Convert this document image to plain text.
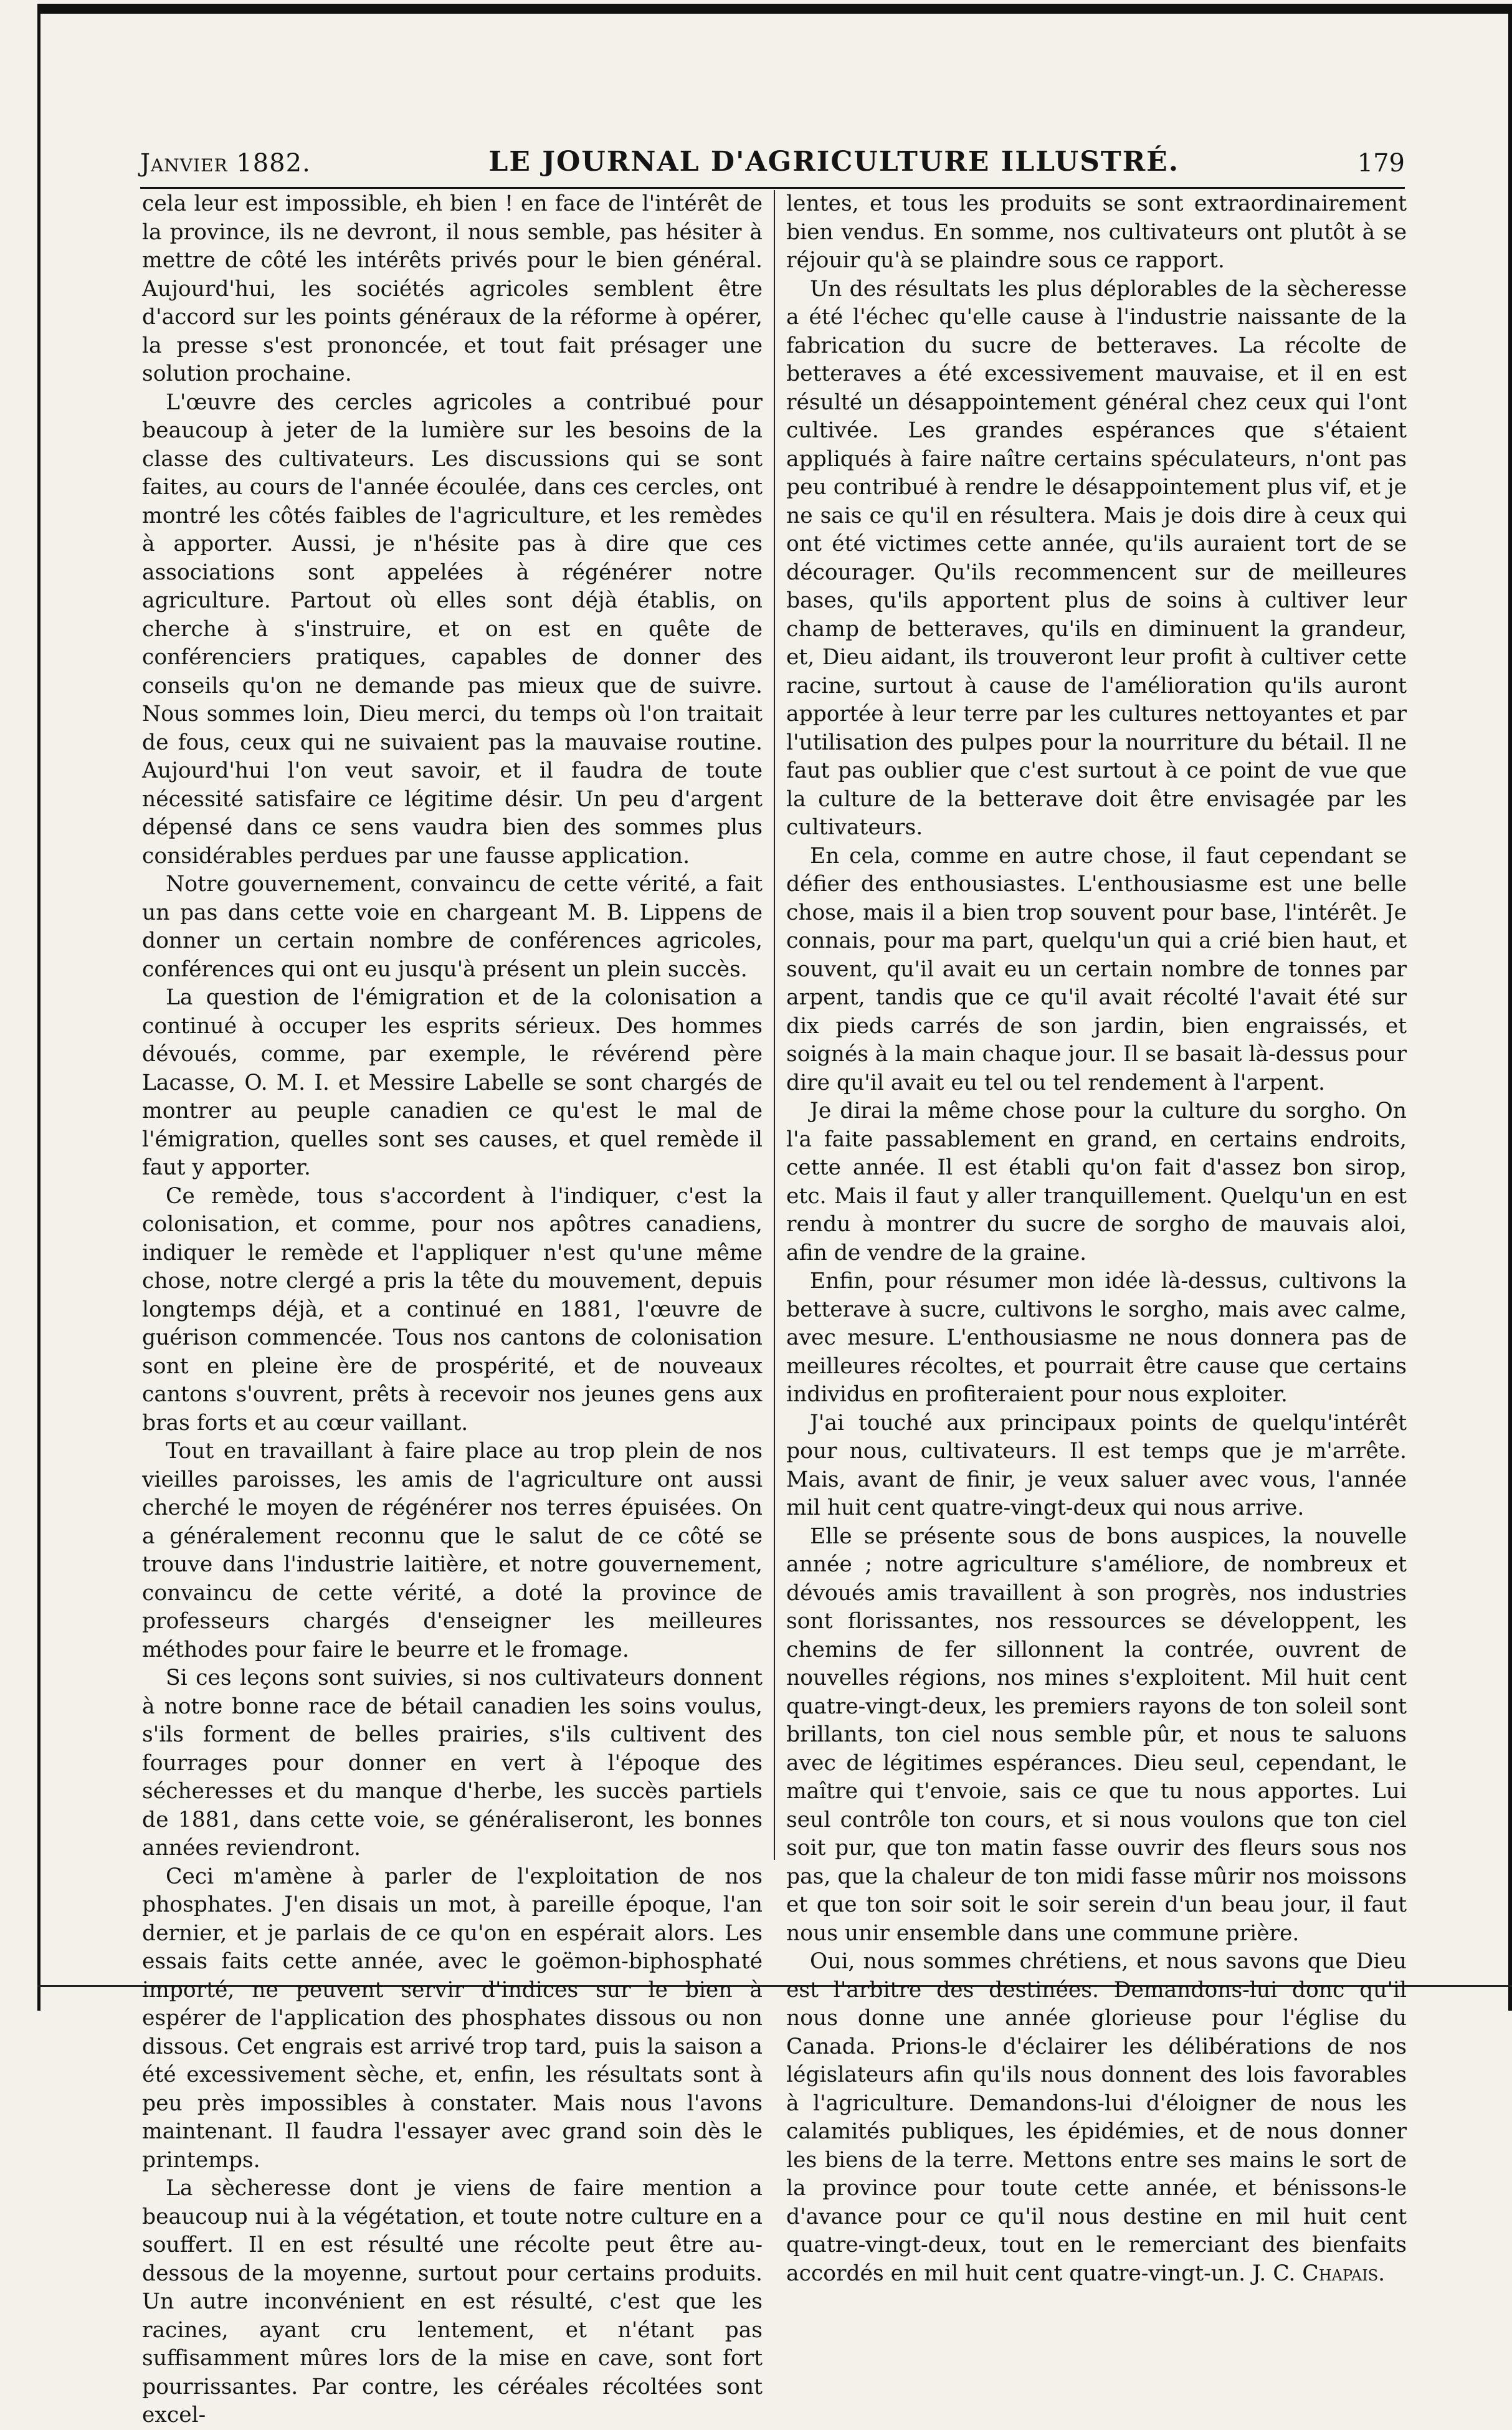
Janvier 1882.	LE JOURNAL D'AGRICULTURE ILLUSTRÉ.	179

cela leur est impossible, eh bien ! en face de l'intérêt de la province, ils ne devront, il nous semble, pas hésiter à mettre de côté les intérêts privés pour le bien général. Aujourd'hui, les sociétés agricoles semblent être d'accord sur les points généraux de la réforme à opérer, la presse s'est prononcée, et tout fait présager une solution prochaine.

L'œuvre des cercles agricoles a contribué pour beaucoup à jeter de la lumière sur les besoins de la classe des cultivateurs. Les discussions qui se sont faites, au cours de l'année écoulée, dans ces cercles, ont montré les côtés faibles de l'agriculture, et les remèdes à apporter. Aussi, je n'hésite pas à dire que ces associations sont appelées à régénérer notre agriculture. Partout où elles sont déjà établis, on cherche à s'instruire, et on est en quête de conférenciers pratiques, capables de donner des conseils qu'on ne demande pas mieux que de suivre. Nous sommes loin, Dieu merci, du temps où l'on traitait de fous, ceux qui ne suivaient pas la mauvaise routine. Aujourd'hui l'on veut savoir, et il faudra de toute nécessité satisfaire ce légitime désir. Un peu d'argent dépensé dans ce sens vaudra bien des sommes plus considérables perdues par une fausse application.

Notre gouvernement, convaincu de cette vérité, a fait un pas dans cette voie en chargeant M. B. Lippens de donner un certain nombre de conférences agricoles, conférences qui ont eu jusqu'à présent un plein succès.

La question de l'émigration et de la colonisation a continué à occuper les esprits sérieux. Des hommes dévoués, comme, par exemple, le révérend père Lacasse, O. M. I. et Messire Labelle se sont chargés de montrer au peuple canadien ce qu'est le mal de l'émigration, quelles sont ses causes, et quel remède il faut y apporter.

Ce remède, tous s'accordent à l'indiquer, c'est la colonisation, et comme, pour nos apôtres canadiens, indiquer le remède et l'appliquer n'est qu'une même chose, notre clergé a pris la tête du mouvement, depuis longtemps déjà, et a continué en 1881, l'œuvre de guérison commencée. Tous nos cantons de colonisation sont en pleine ère de prospérité, et de nouveaux cantons s'ouvrent, prêts à recevoir nos jeunes gens aux bras forts et au cœur vaillant.

Tout en travaillant à faire place au trop plein de nos vieilles paroisses, les amis de l'agriculture ont aussi cherché le moyen de régénérer nos terres épuisées. On a généralement reconnu que le salut de ce côté se trouve dans l'industrie laitière, et notre gouvernement, convaincu de cette vérité, a doté la province de professeurs chargés d'enseigner les meilleures méthodes pour faire le beurre et le fromage.

Si ces leçons sont suivies, si nos cultivateurs donnent à notre bonne race de bétail canadien les soins voulus, s'ils forment de belles prairies, s'ils cultivent des fourrages pour donner en vert à l'époque des sécheresses et du manque d'herbe, les succès partiels de 1881, dans cette voie, se généraliseront, les bonnes années reviendront.

Ceci m'amène à parler de l'exploitation de nos phosphates. J'en disais un mot, à pareille époque, l'an dernier, et je parlais de ce qu'on en espérait alors. Les essais faits cette année, avec le goëmon-biphosphaté importé, ne peuvent servir d'indices sur le bien à espérer de l'application des phosphates dissous ou non dissous. Cet engrais est arrivé trop tard, puis la saison a été excessivement sèche, et, enfin, les résultats sont à peu près impossibles à constater. Mais nous l'avons maintenant. Il faudra l'essayer avec grand soin dès le printemps.

La sècheresse dont je viens de faire mention a beaucoup nui à la végétation, et toute notre culture en a souffert. Il en est résulté une récolte peut être au-dessous de la moyenne, surtout pour certains produits. Un autre inconvénient en est résulté, c'est que les racines, ayant cru lentement, et n'étant pas suffisamment mûres lors de la mise en cave, sont fort pourrissantes. Par contre, les céréales récoltées sont excel-

lentes, et tous les produits se sont extraordinairement bien vendus. En somme, nos cultivateurs ont plutôt à se réjouir qu'à se plaindre sous ce rapport.

Un des résultats les plus déplorables de la sècheresse a été l'échec qu'elle cause à l'industrie naissante de la fabrication du sucre de betteraves. La récolte de betteraves a été excessivement mauvaise, et il en est résulté un désappointement général chez ceux qui l'ont cultivée. Les grandes espérances que s'étaient appliqués à faire naître certains spéculateurs, n'ont pas peu contribué à rendre le désappointement plus vif, et je ne sais ce qu'il en résultera. Mais je dois dire à ceux qui ont été victimes cette année, qu'ils auraient tort de se décourager. Qu'ils recommencent sur de meilleures bases, qu'ils apportent plus de soins à cultiver leur champ de betteraves, qu'ils en diminuent la grandeur, et, Dieu aidant, ils trouveront leur profit à cultiver cette racine, surtout à cause de l'amélioration qu'ils auront apportée à leur terre par les cultures nettoyantes et par l'utilisation des pulpes pour la nourriture du bétail. Il ne faut pas oublier que c'est surtout à ce point de vue que la culture de la betterave doit être envisagée par les cultivateurs.

En cela, comme en autre chose, il faut cependant se défier des enthousiastes. L'enthousiasme est une belle chose, mais il a bien trop souvent pour base, l'intérêt. Je connais, pour ma part, quelqu'un qui a crié bien haut, et souvent, qu'il avait eu un certain nombre de tonnes par arpent, tandis que ce qu'il avait récolté l'avait été sur dix pieds carrés de son jardin, bien engraissés, et soignés à la main chaque jour. Il se basait là-dessus pour dire qu'il avait eu tel ou tel rendement à l'arpent.

Je dirai la même chose pour la culture du sorgho. On l'a faite passablement en grand, en certains endroits, cette année. Il est établi qu'on fait d'assez bon sirop, etc. Mais il faut y aller tranquillement. Quelqu'un en est rendu à montrer du sucre de sorgho de mauvais aloi, afin de vendre de la graine.

Enfin, pour résumer mon idée là-dessus, cultivons la betterave à sucre, cultivons le sorgho, mais avec calme, avec mesure. L'enthousiasme ne nous donnera pas de meilleures récoltes, et pourrait être cause que certains individus en profiteraient pour nous exploiter.

J'ai touché aux principaux points de quelqu'intérêt pour nous, cultivateurs. Il est temps que je m'arrête. Mais, avant de finir, je veux saluer avec vous, l'année mil huit cent quatre-vingt-deux qui nous arrive.

Elle se présente sous de bons auspices, la nouvelle année ; notre agriculture s'améliore, de nombreux et dévoués amis travaillent à son progrès, nos industries sont florissantes, nos ressources se développent, les chemins de fer sillonnent la contrée, ouvrent de nouvelles régions, nos mines s'exploitent. Mil huit cent quatre-vingt-deux, les premiers rayons de ton soleil sont brillants, ton ciel nous semble pûr, et nous te saluons avec de légitimes espérances. Dieu seul, cependant, le maître qui t'envoie, sais ce que tu nous apportes. Lui seul contrôle ton cours, et si nous voulons que ton ciel soit pur, que ton matin fasse ouvrir des fleurs sous nos pas, que la chaleur de ton midi fasse mûrir nos moissons et que ton soir soit le soir serein d'un beau jour, il faut nous unir ensemble dans une commune prière.

Oui, nous sommes chrétiens, et nous savons que Dieu est l'arbitre des destinées. Demandons-lui donc qu'il nous donne une année glorieuse pour l'église du Canada. Prions-le d'éclairer les délibérations de nos législateurs afin qu'ils nous donnent des lois favorables à l'agriculture. Demandons-lui d'éloigner de nous les calamités publiques, les épidémies, et de nous donner les biens de la terre. Mettons entre ses mains le sort de la province pour toute cette année, et bénissons-le d'avance pour ce qu'il nous destine en mil huit cent quatre-vingt-deux, tout en le remerciant des bienfaits accordés en mil huit cent quatre-vingt-un. J. C. Chapais.
